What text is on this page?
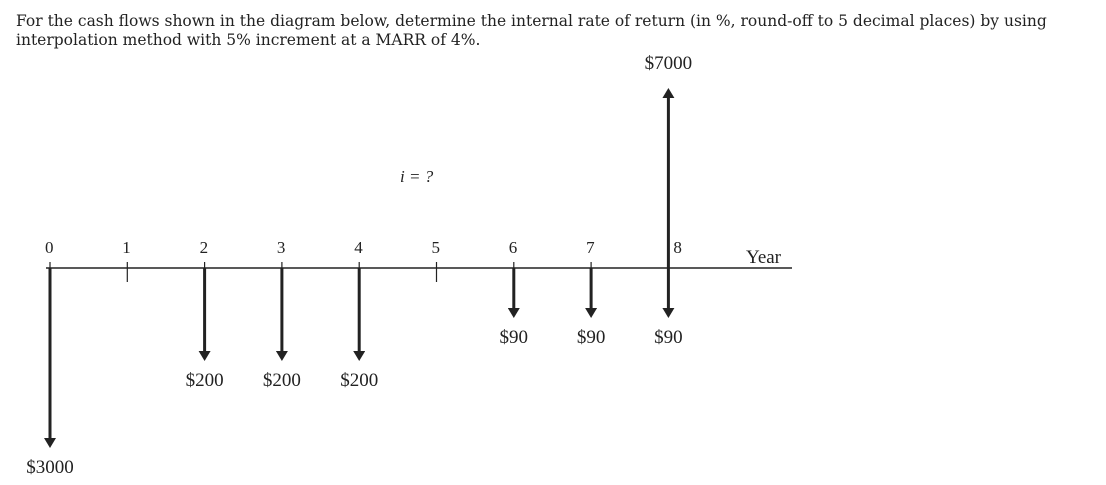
For the cash flows shown in the diagram below, determine the internal rate of return (in %, round-off to 5 decimal places) by using interpolation method with 5% increment at a MARR of 4%.
0	1	2	3	4	5	6	7	8
$3000
$200 $200 $200
$90	$90	$90
$7000
i = ?
Year
